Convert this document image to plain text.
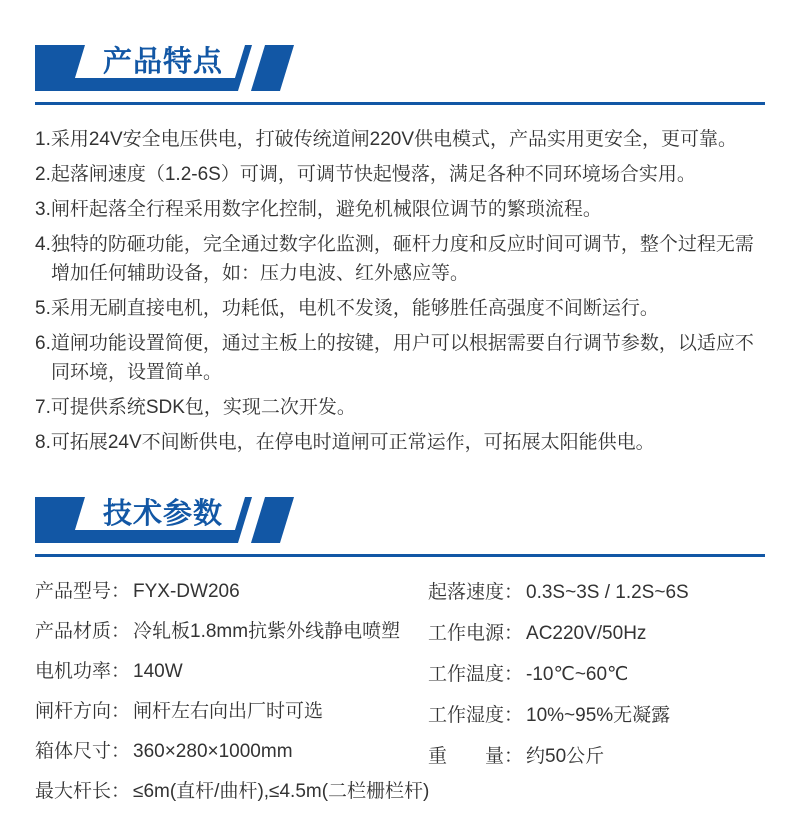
产品特点
1.采用24V安全电压供电，打破传统道闸220V供电模式，产品实用更安全，更可靠。
2.起落闸速度（1.2-6S）可调，可调节快起慢落，满足各种不同环境场合实用。
3.闸杆起落全行程采用数字化控制，避免机械限位调节的繁琐流程。
4.独特的防砸功能，完全通过数字化监测，砸杆力度和反应时间可调节，整个过程无需增加任何辅助设备，如：压力电波、红外感应等。
5.采用无刷直接电机，功耗低，电机不发烫，能够胜任高强度不间断运行。
6.道闸功能设置简便，通过主板上的按键，用户可以根据需要自行调节参数，以适应不同环境，设置简单。
7.可提供系统SDK包，实现二次开发。
8.可拓展24V不间断供电，在停电时道闸可正常运作，可拓展太阳能供电。
技术参数
产品型号： FYX-DW206
产品材质： 冷轧板1.8mm抗紫外线静电喷塑
电机功率： 140W
闸杆方向： 闸杆左右向出厂时可选
箱体尺寸： 360×280×1000mm
最大杆长： ≤6m(直杆/曲杆),≤4.5m(二栏栅栏杆)
起落速度： 0.3S~3S / 1.2S~6S
工作电源： AC220V/50Hz
工作温度： -10℃~60℃
工作湿度： 10%~95%无凝露
重　　量： 约50公斤
